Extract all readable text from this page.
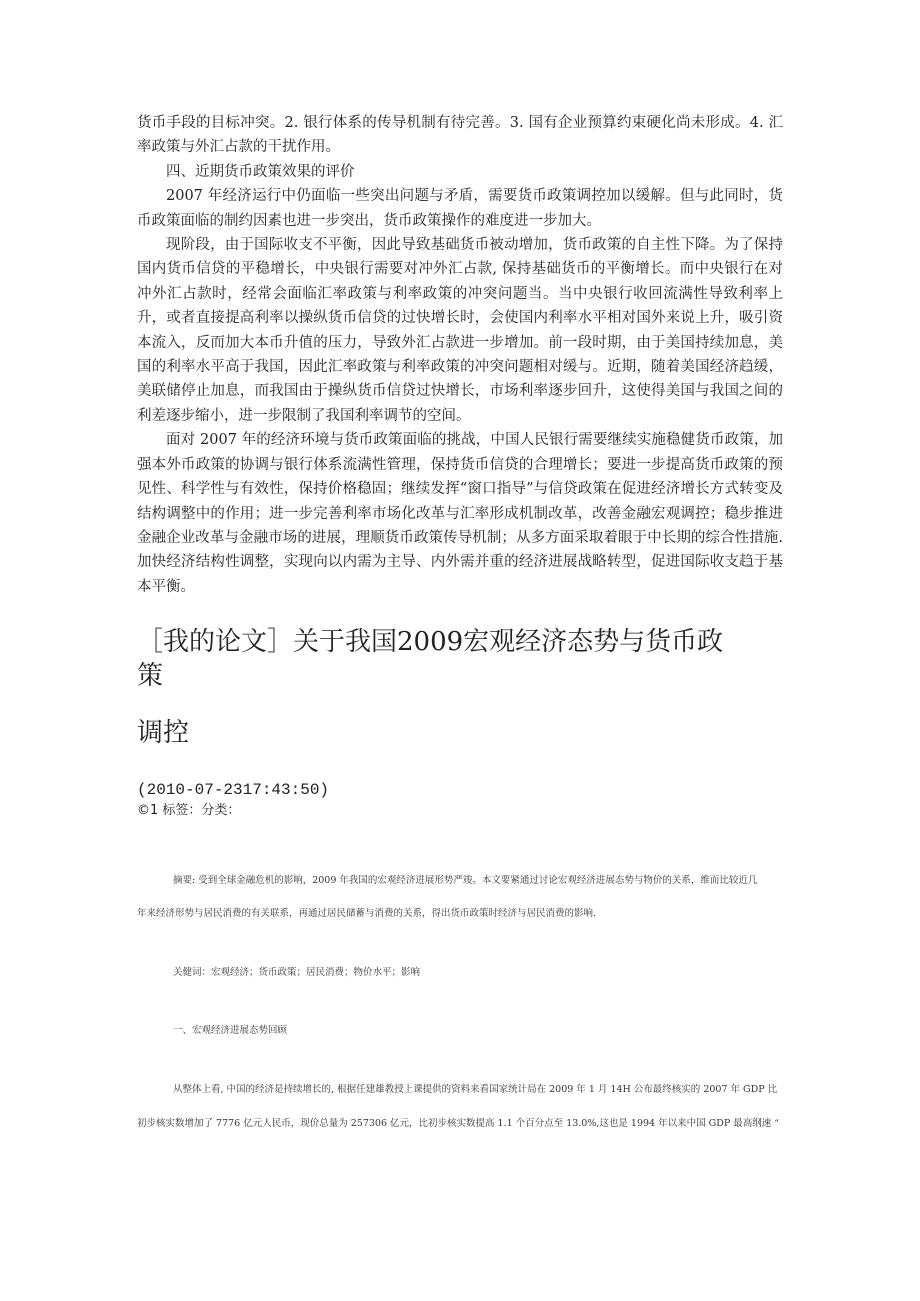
货币手段的目标冲突。2. 银行体系的传导机制有待完善。3. 国有企业预算约束硬化尚未形成。4. 汇率政策与外汇占款的干扰作用。

四、近期货币政策效果的评价

2007 年经济运行中仍面临一些突出问题与矛盾，需要货币政策调控加以缓解。但与此同时，货币政策面临的制约因素也进一步突出，货币政策操作的难度进一步加大。

现阶段，由于国际收支不平衡，因此导致基础货币被动增加，货币政策的自主性下降。为了保持国内货币信贷的平稳增长，中央银行需要对冲外汇占款, 保持基础货币的平衡增长。而中央银行在对冲外汇占款时，经常会面临汇率政策与利率政策的冲突问题当。当中央银行收回流满性导致利率上升，或者直接提高利率以操纵货币信贷的过快增长时，会使国内利率水平相对国外来说上升，吸引资本流入，反而加大本币升值的压力，导致外汇占款进一步增加。前一段时期，由于美国持续加息，美国的利率水平高于我国，因此汇率政策与利率政策的冲突问题相对缓与。近期，随着美国经济趋缓，美联储停止加息，而我国由于操纵货币信贷过快增长，市场利率逐步回升，这使得美国与我国之间的利差逐步缩小，进一步限制了我国利率调节的空间。

面对 2007 年的经济环境与货币政策面临的挑战，中国人民银行需要继续实施稳健货币政策，加强本外币政策的协调与银行体系流满性管理，保持货币信贷的合理增长；要进一步提高货币政策的预见性、科学性与有效性，保持价格稳固；继续发挥“窗口指导”与信贷政策在促进经济增长方式转变及结构调整中的作用；进一步完善利率市场化改革与汇率形成机制改革，改善金融宏观调控；稳步推进金融企业改革与金融市场的进展，理顺货币政策传导机制；从多方面采取着眼于中长期的综合性措施. 加快经济结构性调整，实现向以内需为主导、内外需并重的经济进展战略转型，促进国际收支趋于基本平衡。

［我的论文］关于我国2009宏观经济态势与货币政

策

调控

(2010-07-2317:43:50)
©1 标签：分类：

摘要: 受到全球金融危机的影响，2009 年我国的宏观经济进展形势严竣。本文要紧通过讨论宏观经济进展态势与物价的关系，维而比较近几

年来经济形势与居民消费的有关联系，再通过居民储蓄与消费的关系，得出货币政策时经济与居民消费的影响.

关健词：宏观经济；货币政策；居民消费；物价水平；影响

一、宏观经济进展态势回顾

从整体上看, 中国的经济是持续增长的, 根据任建雄教授上课提供的资料来看国家统计局在 2009 年 1 月 14H 公布最终核实的 2007 年 GDP 比

初步核实数增加了 7776 亿元人民币，现价总量为 257306 亿元，比初步核实数提高 1.1 个百分点至 13.0%,这也是 1994 年以来中国 GDP 最高纲速 “
